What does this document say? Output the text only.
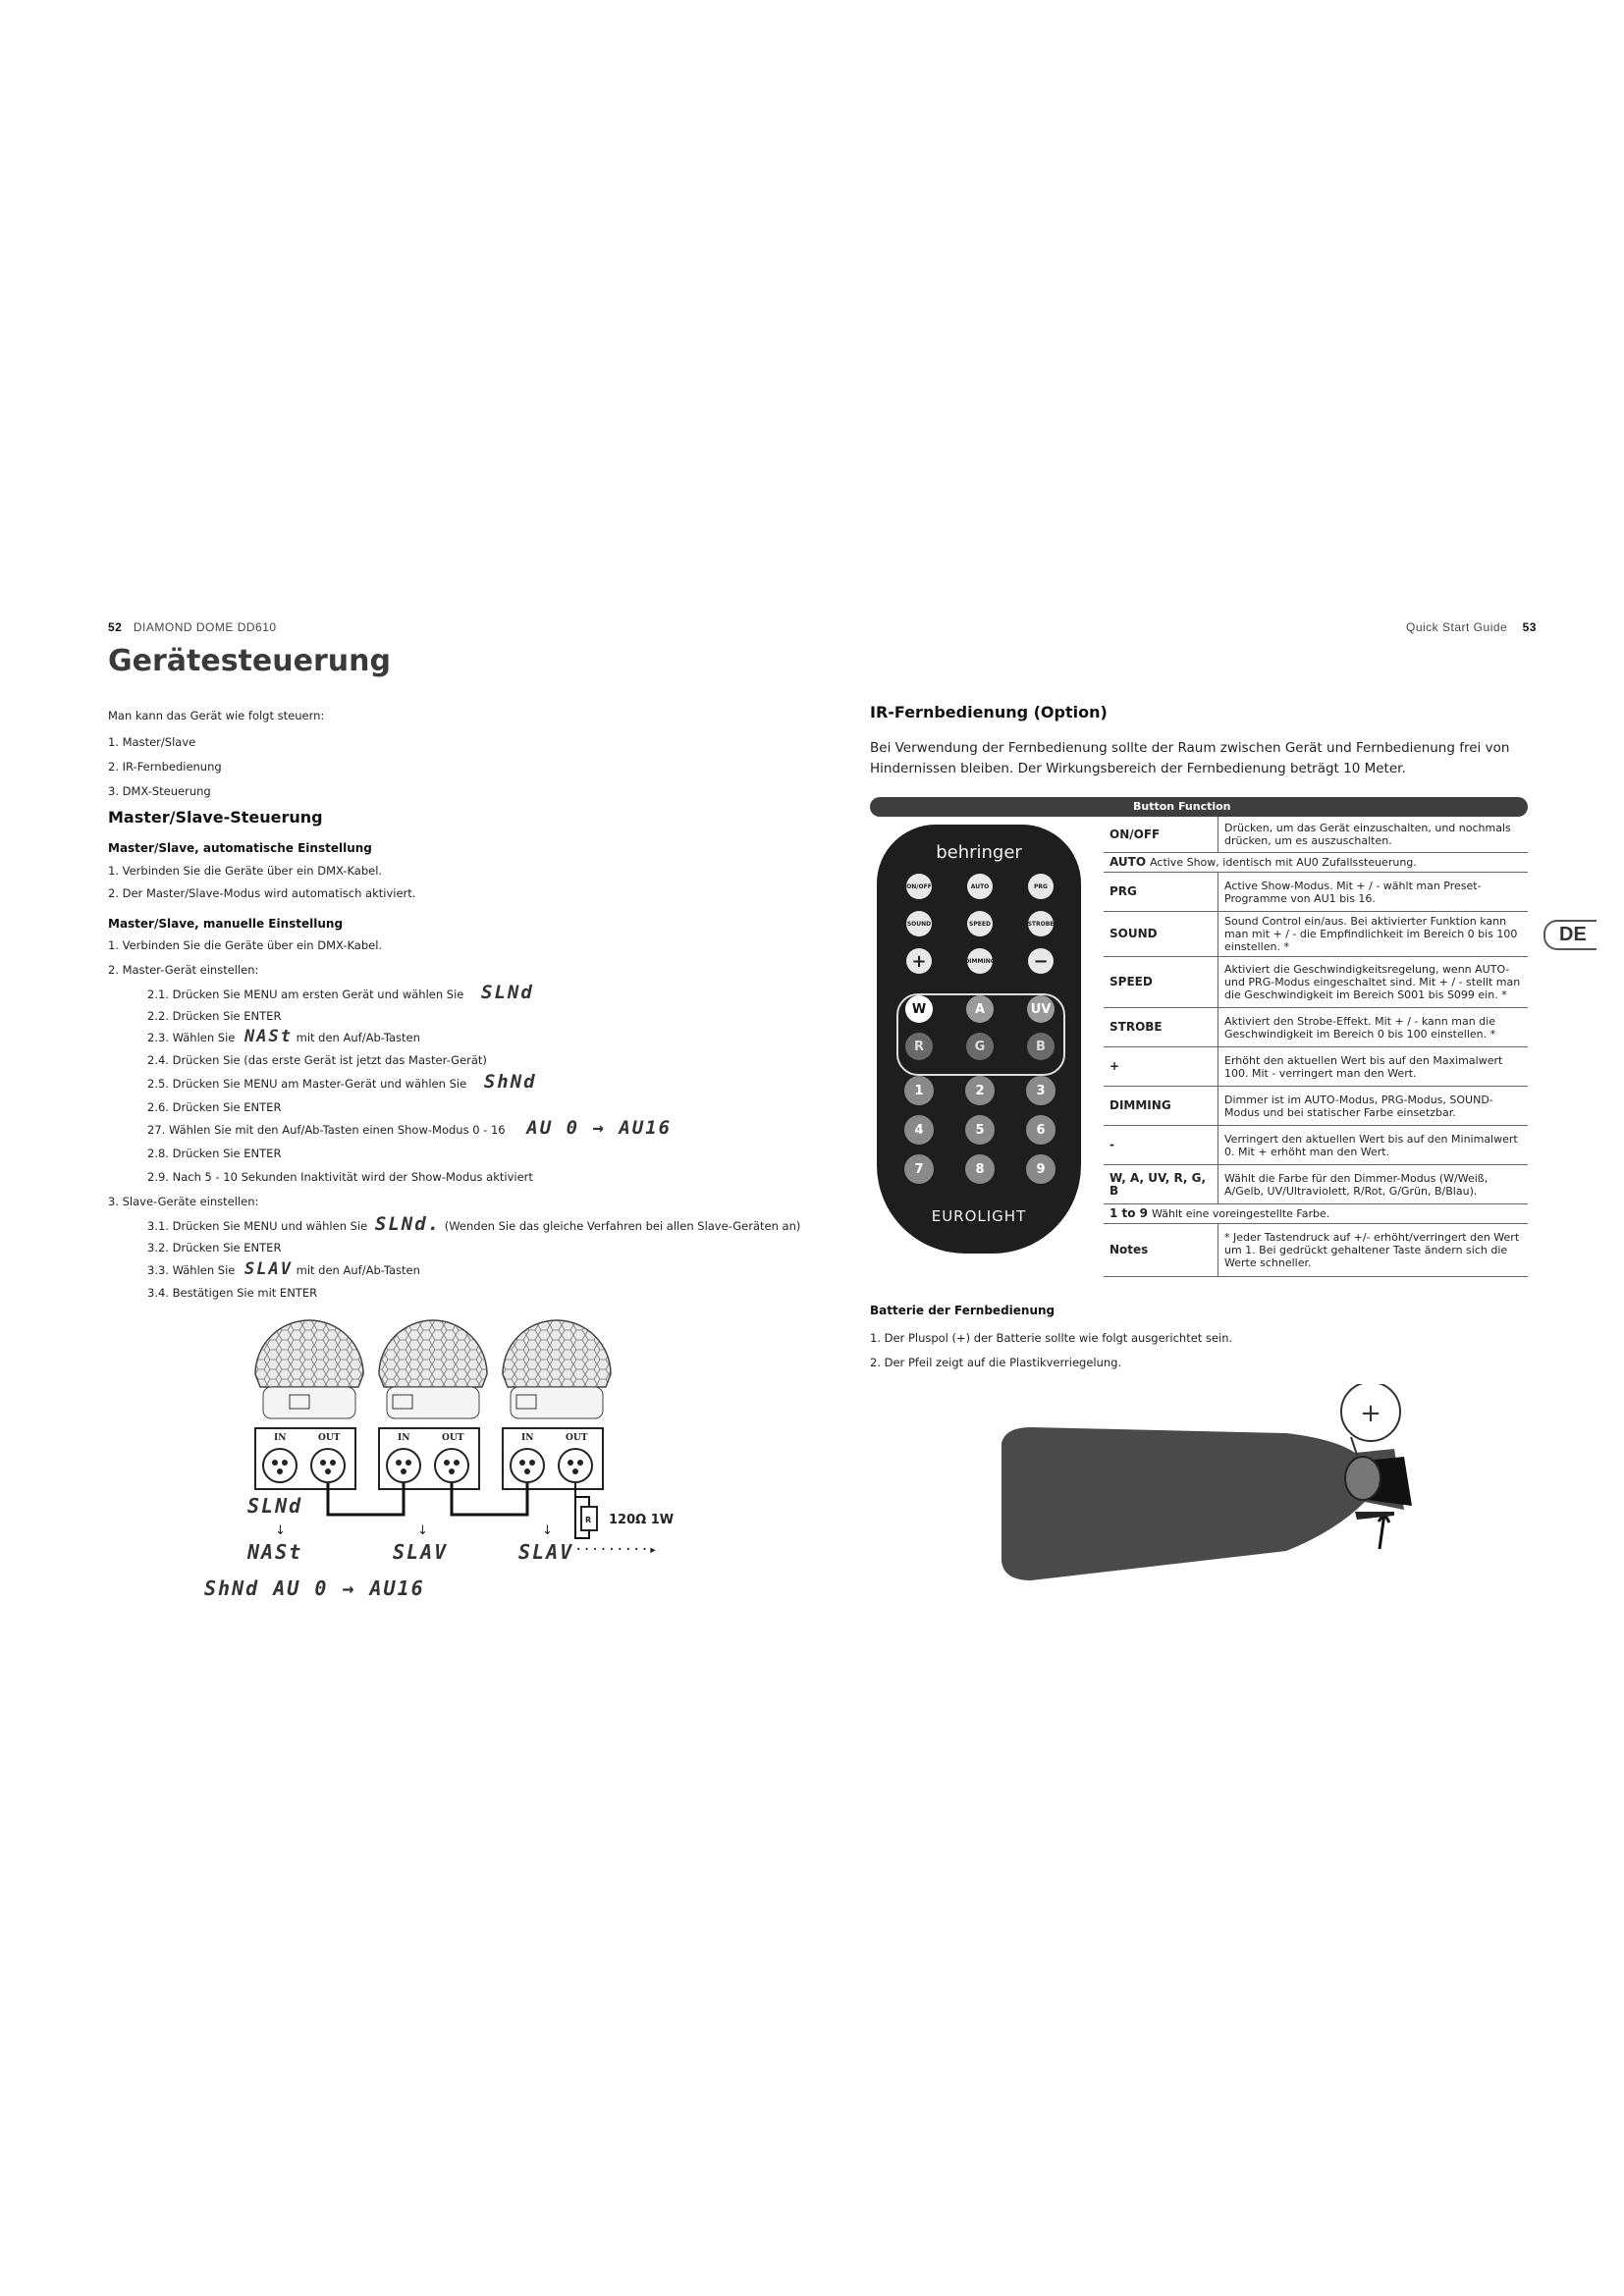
52 DIAMOND DOME DD610	Quick Start Guide 53
Gerätesteuerung
Man kann das Gerät wie folgt steuern:
1. Master/Slave
2. IR-Fernbedienung
3. DMX-Steuerung
Master/Slave-Steuerung
Master/Slave, automatische Einstellung
1. Verbinden Sie die Geräte über ein DMX-Kabel.
2. Der Master/Slave-Modus wird automatisch aktiviert.
Master/Slave, manuelle Einstellung
1. Verbinden Sie die Geräte über ein DMX-Kabel.
2. Master-Gerät einstellen:
2.1. Drücken Sie MENU am ersten Gerät und wählen Sie SLNd
2.2. Drücken Sie ENTER
2.3. Wählen Sie NASt mit den Auf/Ab-Tasten
2.4. Drücken Sie (das erste Gerät ist jetzt das Master-Gerät)
2.5. Drücken Sie MENU am Master-Gerät und wählen Sie ShNd
2.6. Drücken Sie ENTER
27. Wählen Sie mit den Auf/Ab-Tasten einen Show-Modus 0 - 16 AU 0 → AU16
2.8. Drücken Sie ENTER
2.9. Nach 5 - 10 Sekunden Inaktivität wird der Show-Modus aktiviert
3. Slave-Geräte einstellen:
3.1. Drücken Sie MENU und wählen Sie SLNd. (Wenden Sie das gleiche Verfahren bei allen Slave-Geräten an)
3.2. Drücken Sie ENTER
3.3. Wählen Sie SLAV mit den Auf/Ab-Tasten
3.4. Bestätigen Sie mit ENTER
IN	OUT	IN	OUT	IN	OUT
R 120Ω 1W
SLNd
↓	↓	↓
NASt	SLAV	SLAV ·········▸
ShNd AU 0 → AU16
IR-Fernbedienung (Option)
Bei Verwendung der Fernbedienung sollte der Raum zwischen Gerät und Fernbedienung frei von Hindernissen bleiben. Der Wirkungsbereich der Fernbedienung beträgt 10 Meter.
DE
Button Function
behringer
EUROLIGHT
ON/OFF	AUTO	PRG
SOUND	SPEED	STROBE
+	DIMMING	−
W	A	UV
R	G	B
1	2	3
4	5	6
7	8	9
ON/OFF	Drücken, um das Gerät einzuschalten, und nochmals drücken, um es auszuschalten.
AUTO Active Show, identisch mit AU0 Zufallssteuerung.	
PRG	Active Show-Modus. Mit + / - wählt man Preset-Programme von AU1 bis 16.
SOUND	Sound Control ein/aus. Bei aktivierter Funktion kann man mit + / - die Empfindlichkeit im Bereich 0 bis 100 einstellen. *
SPEED	Aktiviert die Geschwindigkeitsregelung, wenn AUTO- und PRG-Modus eingeschaltet sind. Mit + / - stellt man die Geschwindigkeit im Bereich S001 bis S099 ein. *
STROBE	Aktiviert den Strobe-Effekt. Mit + / - kann man die Geschwindigkeit im Bereich 0 bis 100 einstellen. *
+	Erhöht den aktuellen Wert bis auf den Maximalwert 100. Mit - verringert man den Wert.
DIMMING	Dimmer ist im AUTO-Modus, PRG-Modus, SOUND-Modus und bei statischer Farbe einsetzbar.
-	Verringert den aktuellen Wert bis auf den Minimalwert 0. Mit + erhöht man den Wert.
W, A, UV, R, G, B	Wählt die Farbe für den Dimmer-Modus (W/Weiß, A/Gelb, UV/Ultraviolett, R/Rot, G/Grün, B/Blau).
1 to 9 Wählt eine voreingestellte Farbe.	
Notes	* Jeder Tastendruck auf +/- erhöht/verringert den Wert um 1. Bei gedrückt gehaltener Taste ändern sich die Werte schneller.
Batterie der Fernbedienung
1. Der Pluspol (+) der Batterie sollte wie folgt ausgerichtet sein.
2. Der Pfeil zeigt auf die Plastikverriegelung.
+
